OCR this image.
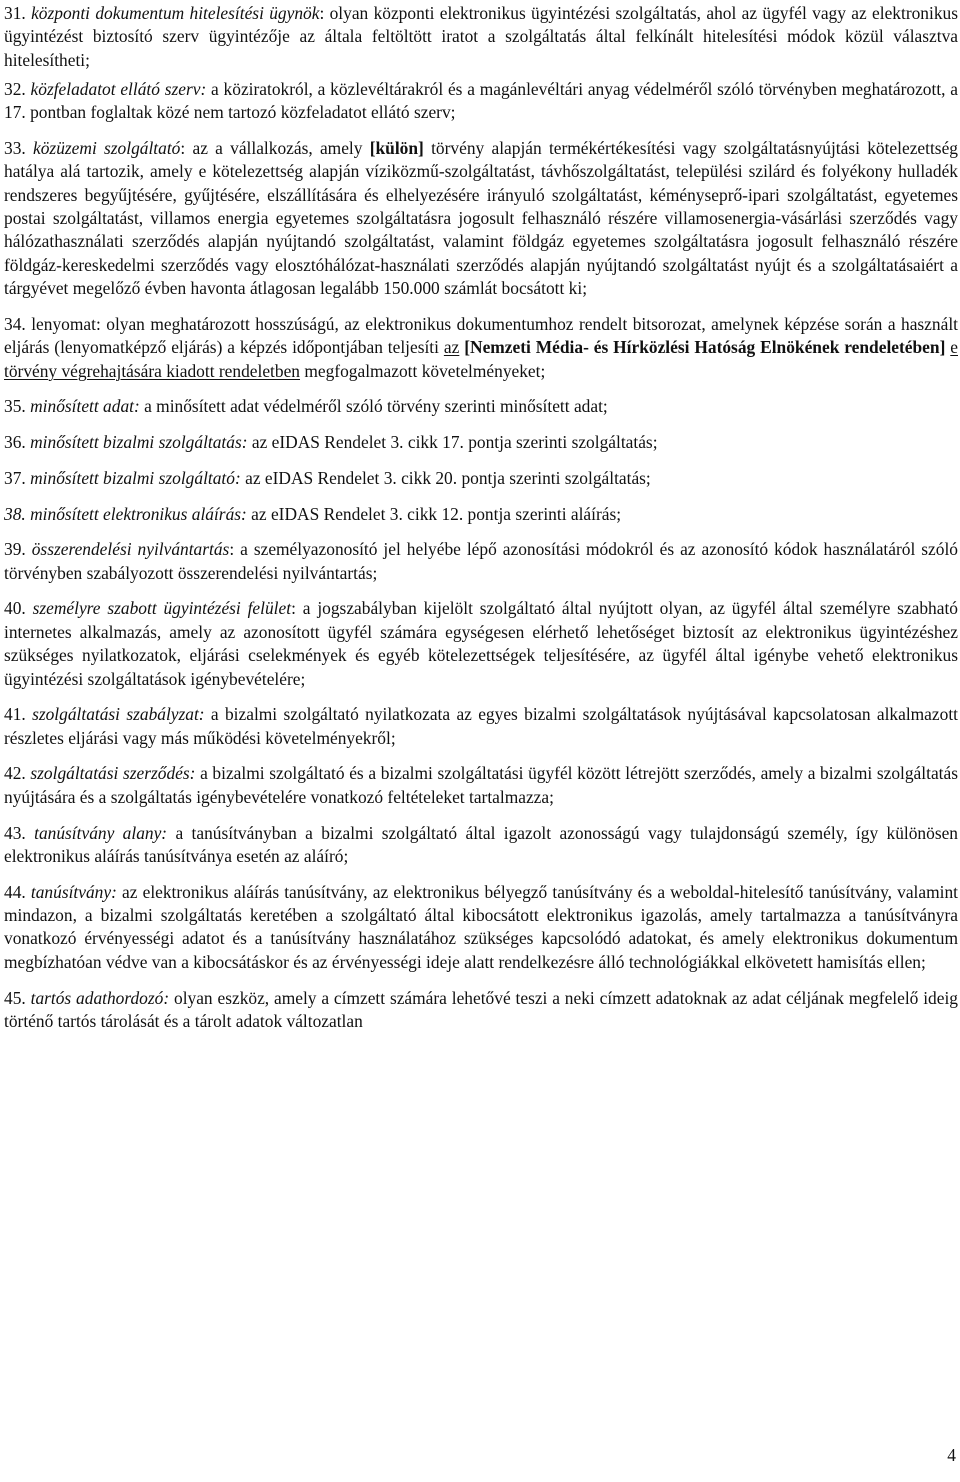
31. központi dokumentum hitelesítési ügynök: olyan központi elektronikus ügyintézési szolgáltatás, ahol az ügyfél vagy az elektronikus ügyintézést biztosító szerv ügyintézője az általa feltöltött iratot a szolgáltatás által felkínált hitelesítési módok közül választva hitelesítheti;

32. közfeladatot ellátó szerv: a köziratokról, a közlevéltárakról és a magánlevéltári anyag védelméről szóló törvényben meghatározott, a 17. pontban foglaltak közé nem tartozó közfeladatot ellátó szerv;

33. közüzemi szolgáltató: az a vállalkozás, amely [külön] törvény alapján termékértékesítési vagy szolgáltatásnyújtási kötelezettség hatálya alá tartozik, amely e kötelezettség alapján víziközmű-szolgáltatást, távhőszolgáltatást, települési szilárd és folyékony hulladék rendszeres begyűjtésére, gyűjtésére, elszállítására és elhelyezésére irányuló szolgáltatást, kéményseprő-ipari szolgáltatást, egyetemes postai szolgáltatást, villamos energia egyetemes szolgáltatásra jogosult felhasználó részére villamosenergia-vásárlási szerződés vagy hálózathasználati szerződés alapján nyújtandó szolgáltatást, valamint földgáz egyetemes szolgáltatásra jogosult felhasználó részére földgáz-kereskedelmi szerződés vagy elosztóhálózat-használati szerződés alapján nyújtandó szolgáltatást nyújt és a szolgáltatásaiért a tárgyévet megelőző évben havonta átlagosan legalább 150.000 számlát bocsátott ki;

34. lenyomat: olyan meghatározott hosszúságú, az elektronikus dokumentumhoz rendelt bitsorozat, amelynek képzése során a használt eljárás (lenyomatképző eljárás) a képzés időpontjában teljesíti az [Nemzeti Média- és Hírközlési Hatóság Elnökének rendeletében] e törvény végrehajtására kiadott rendeletben megfogalmazott követelményeket;

35. minősített adat: a minősített adat védelméről szóló törvény szerinti minősített adat;

36. minősített bizalmi szolgáltatás: az eIDAS Rendelet 3. cikk 17. pontja szerinti szolgáltatás;

37. minősített bizalmi szolgáltató: az eIDAS Rendelet 3. cikk 20. pontja szerinti szolgáltatás;

38. minősített elektronikus aláírás: az eIDAS Rendelet 3. cikk 12. pontja szerinti aláírás;

39. összerendelési nyilvántartás: a személyazonosító jel helyébe lépő azonosítási módokról és az azonosító kódok használatáról szóló törvényben szabályozott összerendelési nyilvántartás;

40. személyre szabott ügyintézési felület: a jogszabályban kijelölt szolgáltató által nyújtott olyan, az ügyfél által személyre szabható internetes alkalmazás, amely az azonosított ügyfél számára egységesen elérhető lehetőséget biztosít az elektronikus ügyintézéshez szükséges nyilatkozatok, eljárási cselekmények és egyéb kötelezettségek teljesítésére, az ügyfél által igénybe vehető elektronikus ügyintézési szolgáltatások igénybevételére;

41. szolgáltatási szabályzat: a bizalmi szolgáltató nyilatkozata az egyes bizalmi szolgáltatások nyújtásával kapcsolatosan alkalmazott részletes eljárási vagy más működési követelményekről;

42. szolgáltatási szerződés: a bizalmi szolgáltató és a bizalmi szolgáltatási ügyfél között létrejött szerződés, amely a bizalmi szolgáltatás nyújtására és a szolgáltatás igénybevételére vonatkozó feltételeket tartalmazza;

43. tanúsítvány alany: a tanúsítványban a bizalmi szolgáltató által igazolt azonosságú vagy tulajdonságú személy, így különösen elektronikus aláírás tanúsítványa esetén az aláíró;

44. tanúsítvány: az elektronikus aláírás tanúsítvány, az elektronikus bélyegző tanúsítvány és a weboldal-hitelesítő tanúsítvány, valamint mindazon, a bizalmi szolgáltatás keretében a szolgáltató által kibocsátott elektronikus igazolás, amely tartalmazza a tanúsítványra vonatkozó érvényességi adatot és a tanúsítvány használatához szükséges kapcsolódó adatokat, és amely elektronikus dokumentum megbízhatóan védve van a kibocsátáskor és az érvényességi ideje alatt rendelkezésre álló technológiákkal elkövetett hamisítás ellen;

45. tartós adathordozó: olyan eszköz, amely a címzett számára lehetővé teszi a neki címzett adatoknak az adat céljának megfelelő ideig történő tartós tárolását és a tárolt adatok változatlan

4
